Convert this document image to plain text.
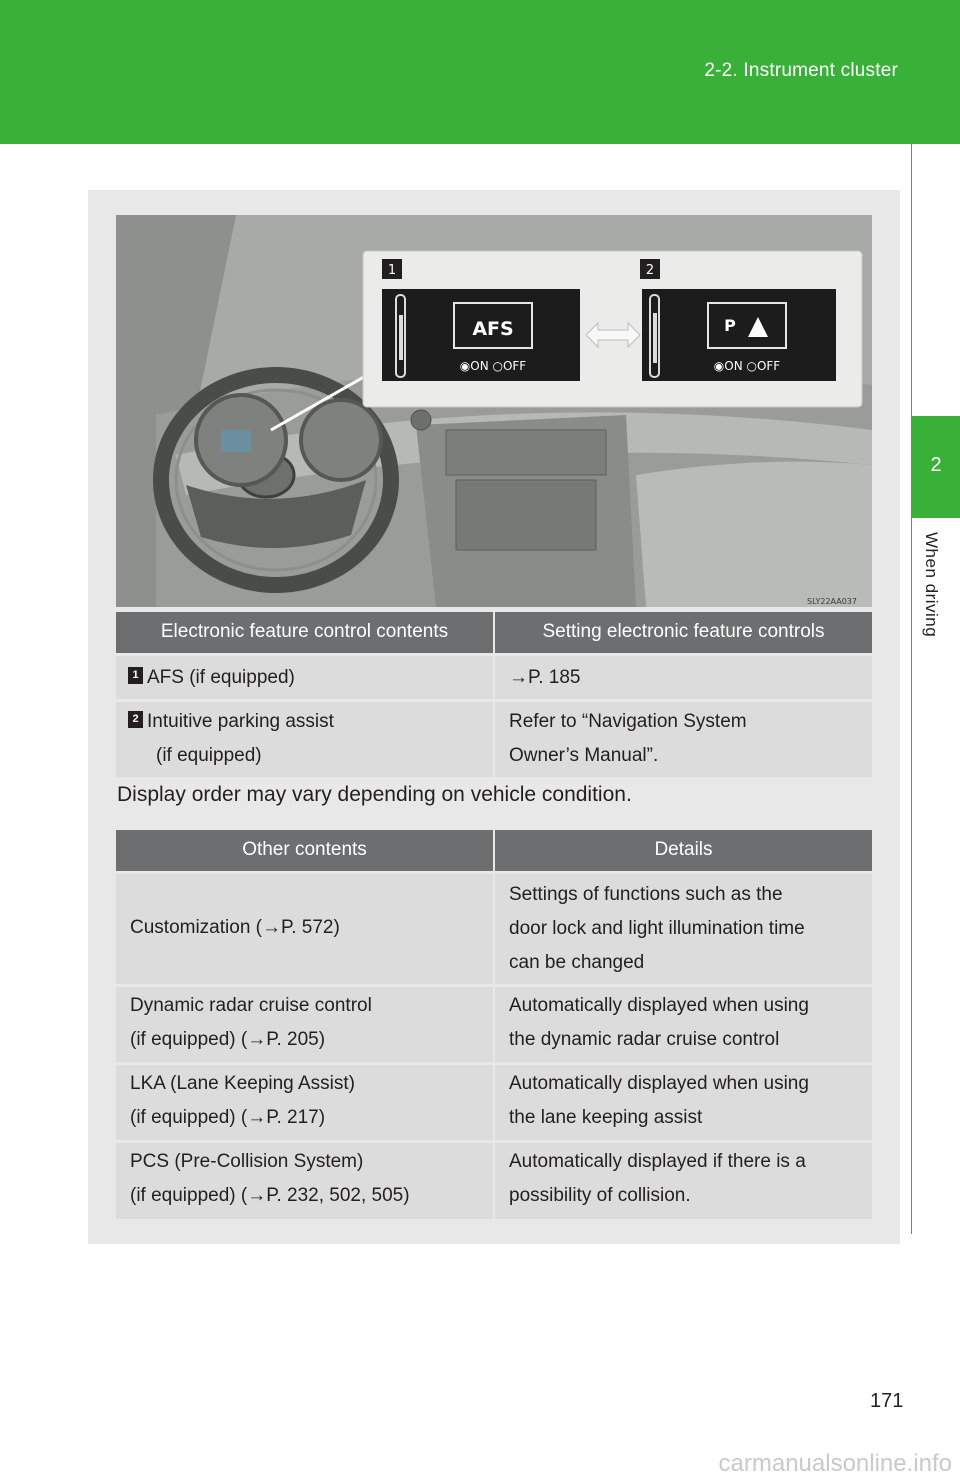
2-2. Instrument cluster
2
When driving
1	2
AFS
◉ON ○OFF
P
◉ON ○OFF
SLY22AA037
Electronic feature control contents	Setting electronic feature controls
1 AFS (if equipped)	→P. 185
2 Intuitive parking assist
(if equipped)	Refer to “Navigation System
Owner’s Manual”.
Display order may vary depending on vehicle condition.
Other contents	Details
Customization (→P. 572)	Settings of functions such as the
door lock and light illumination time
can be changed

Dynamic radar cruise control
(if equipped) (→P. 205)	Automatically displayed when using
the dynamic radar cruise control

LKA (Lane Keeping Assist)
(if equipped) (→P. 217)	Automatically displayed when using
the lane keeping assist

PCS (Pre-Collision System)
(if equipped) (→P. 232, 502, 505)	Automatically displayed if there is a
possibility of collision.
171
carmanualsonline.info
